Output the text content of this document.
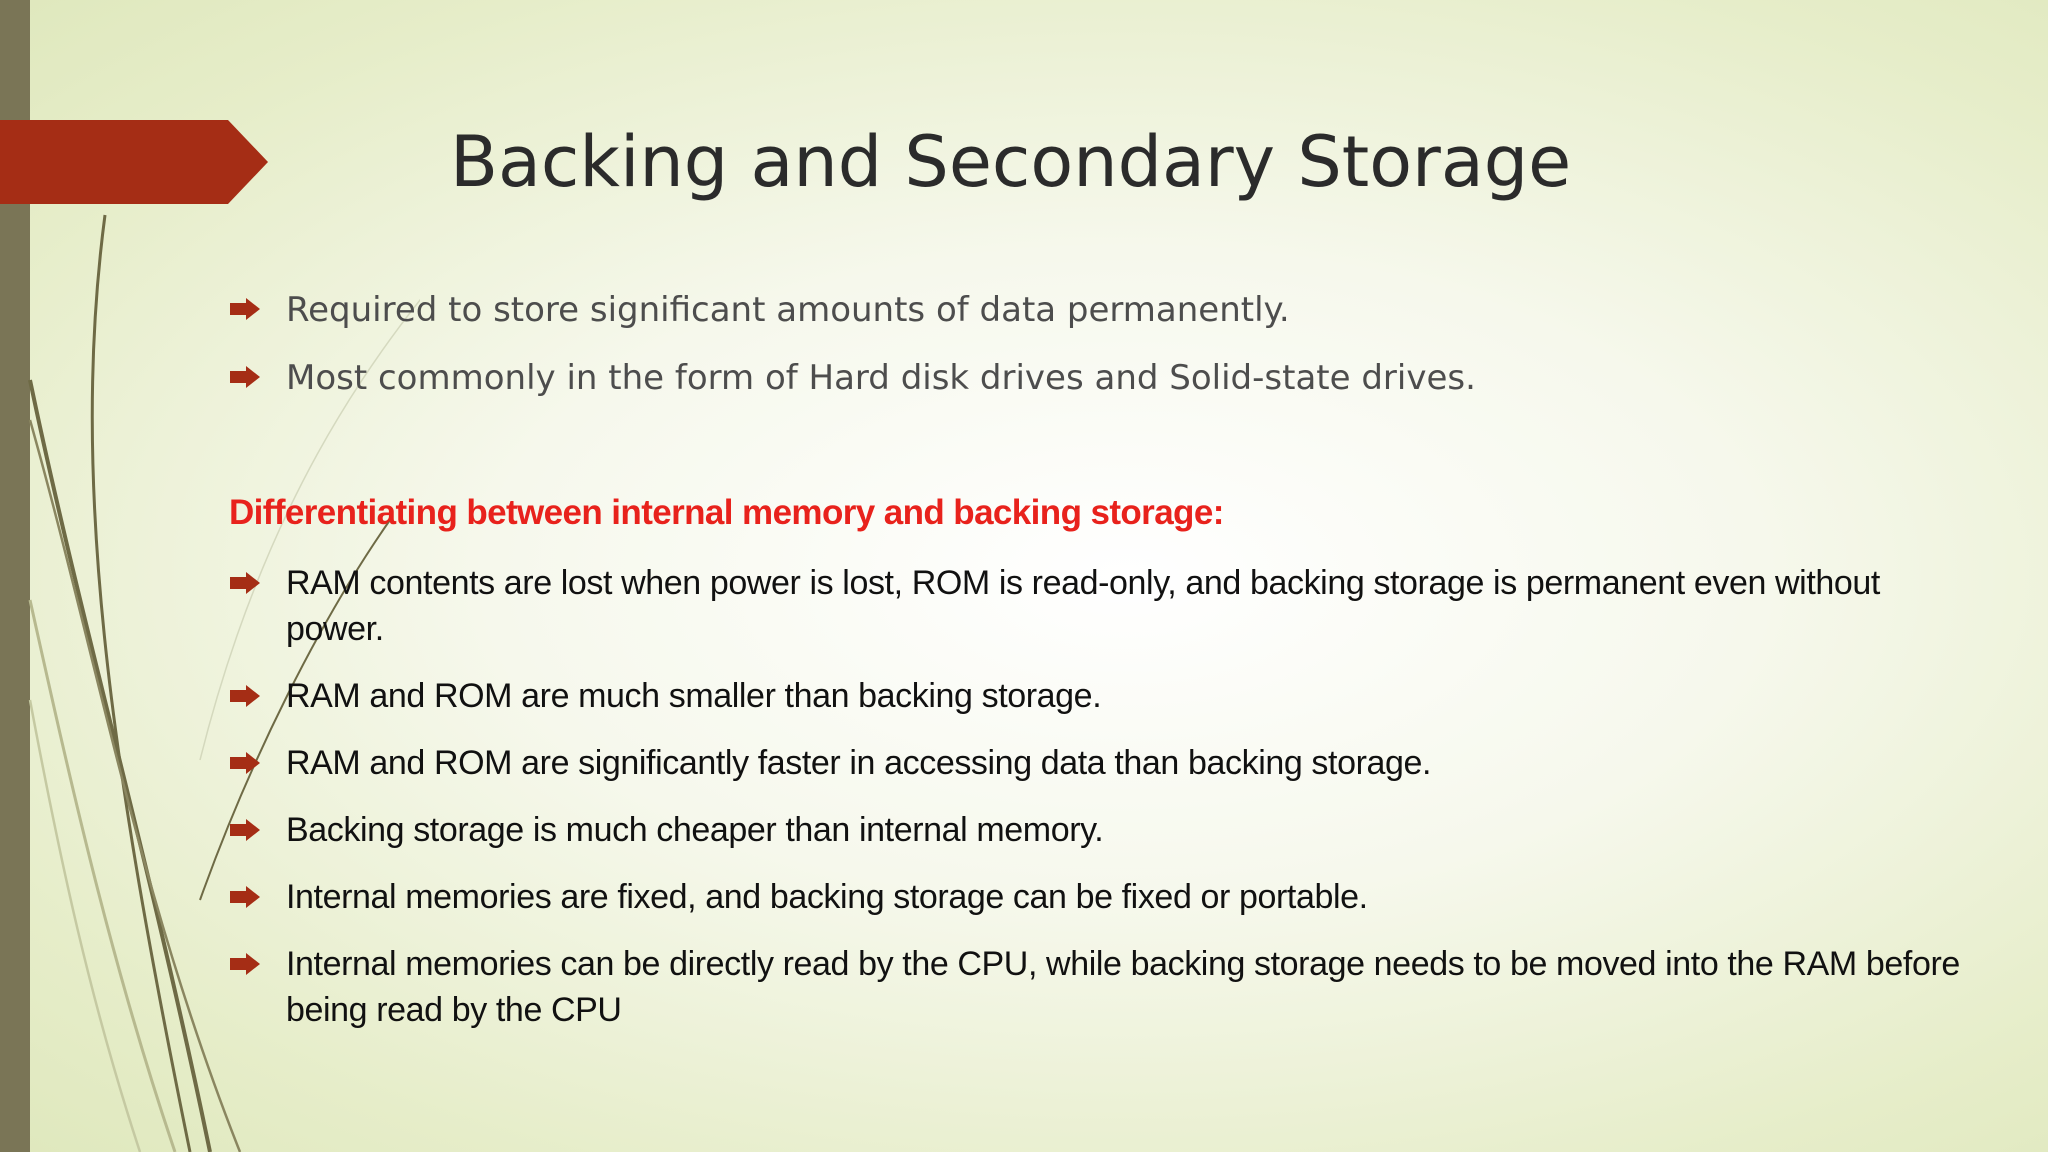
Backing and Secondary Storage
Required to store significant amounts of data permanently.
Most commonly in the form of Hard disk drives and Solid-state drives.
Differentiating between internal memory and backing storage:
RAM contents are lost when power is lost, ROM is read-only, and backing storage is permanent even without power.
RAM and ROM are much smaller than backing storage.
RAM and ROM are significantly faster in accessing data than backing storage.
Backing storage is much cheaper than internal memory.
Internal memories are fixed, and backing storage can be fixed or portable.
Internal memories can be directly read by the CPU, while backing storage needs to be moved into the RAM before being read by the CPU
